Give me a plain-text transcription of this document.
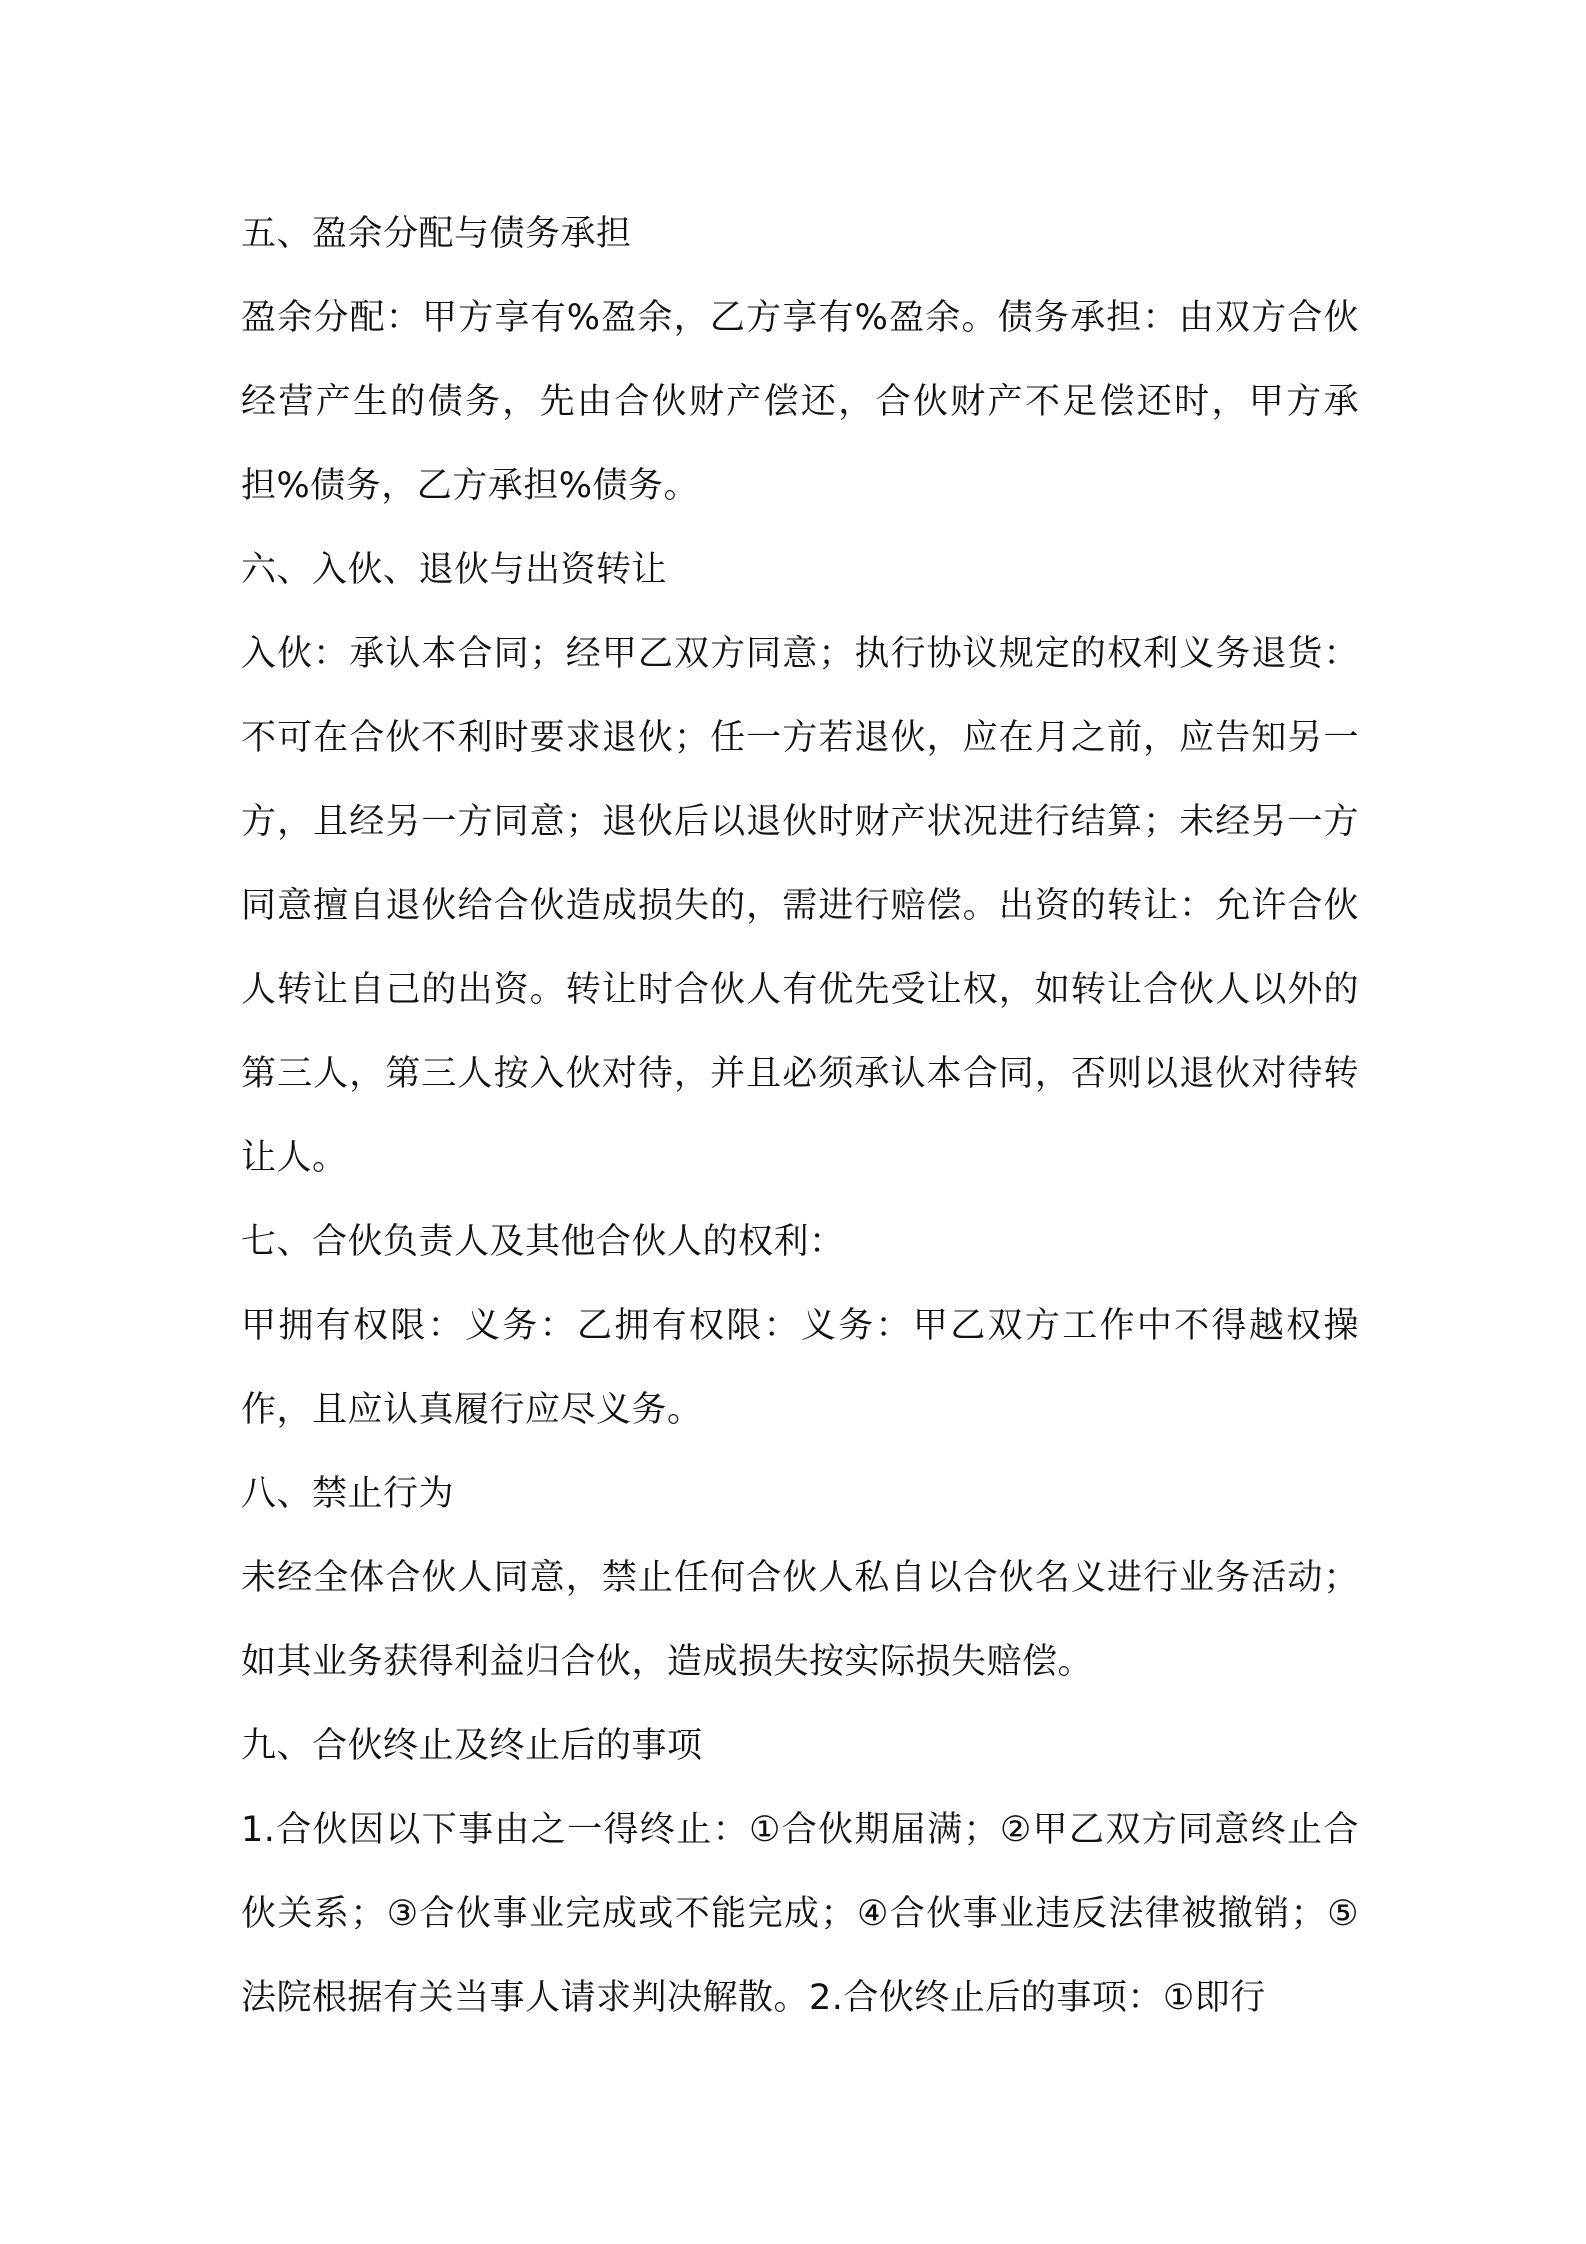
五、盈余分配与债务承担

盈余分配：甲方享有%盈余，乙方享有%盈余。债务承担：由双方合伙经营产生的债务，先由合伙财产偿还，合伙财产不足偿还时，甲方承担%债务，乙方承担%债务。

六、入伙、退伙与出资转让

入伙：承认本合同；经甲乙双方同意；执行协议规定的权利义务退货：不可在合伙不利时要求退伙；任一方若退伙，应在月之前，应告知另一方，且经另一方同意；退伙后以退伙时财产状况进行结算；未经另一方同意擅自退伙给合伙造成损失的，需进行赔偿。出资的转让：允许合伙人转让自己的出资。转让时合伙人有优先受让权，如转让合伙人以外的第三人，第三人按入伙对待，并且必须承认本合同，否则以退伙对待转让人。

七、合伙负责人及其他合伙人的权利：

甲拥有权限：义务：乙拥有权限：义务：甲乙双方工作中不得越权操作，且应认真履行应尽义务。

八、禁止行为

未经全体合伙人同意，禁止任何合伙人私自以合伙名义进行业务活动；如其业务获得利益归合伙，造成损失按实际损失赔偿。

九、合伙终止及终止后的事项

1.合伙因以下事由之一得终止：①合伙期届满；②甲乙双方同意终止合伙关系；③合伙事业完成或不能完成；④合伙事业违反法律被撤销；⑤法院根据有关当事人请求判决解散。2.合伙终止后的事项：①即行
